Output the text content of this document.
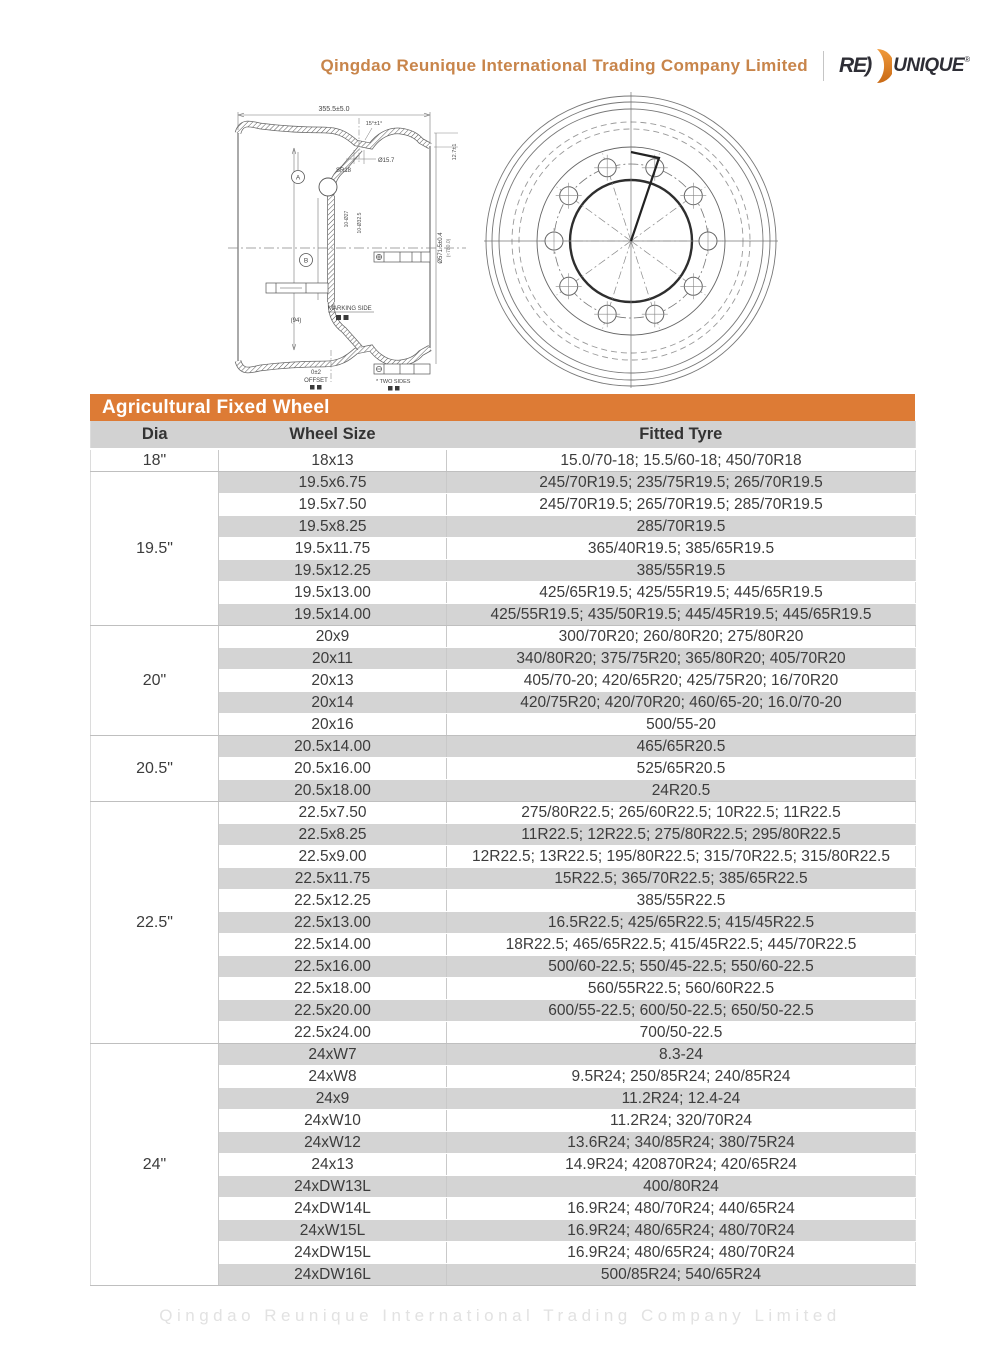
Qingdao Reunique International Trading Company Limited RE ) UNIQUE ®
355.5±5.0
12.7±1
Ø571.5±0.4 (≈780.0)
A
B
SR18
15°±1°
Ø15.7
10-Ø27 10-Ø32.5
MARKING SIDE
(94)
0±2
OFFSET	* TWO SIDES
Agricultural Fixed Wheel
Dia	Wheel Size	Fitted Tyre
18"	18x13	15.0/70-18; 15.5/60-18; 450/70R18
19.5"	19.5x6.75	245/70R19.5; 235/75R19.5; 265/70R19.5
	19.5x7.50	245/70R19.5; 265/70R19.5; 285/70R19.5
	19.5x8.25	285/70R19.5
	19.5x11.75	365/40R19.5; 385/65R19.5
	19.5x12.25	385/55R19.5
	19.5x13.00	425/65R19.5; 425/55R19.5; 445/65R19.5
	19.5x14.00	425/55R19.5; 435/50R19.5; 445/45R19.5; 445/65R19.5
20"	20x9	300/70R20; 260/80R20; 275/80R20
	20x11	340/80R20; 375/75R20; 365/80R20; 405/70R20
	20x13	405/70-20; 420/65R20; 425/75R20; 16/70R20
	20x14	420/75R20; 420/70R20; 460/65-20; 16.0/70-20
	20x16	500/55-20
20.5"	20.5x14.00	465/65R20.5
	20.5x16.00	525/65R20.5
	20.5x18.00	24R20.5
22.5"	22.5x7.50	275/80R22.5; 265/60R22.5; 10R22.5; 11R22.5
	22.5x8.25	11R22.5; 12R22.5; 275/80R22.5; 295/80R22.5
	22.5x9.00	12R22.5; 13R22.5; 195/80R22.5; 315/70R22.5; 315/80R22.5
	22.5x11.75	15R22.5; 365/70R22.5; 385/65R22.5
	22.5x12.25	385/55R22.5
	22.5x13.00	16.5R22.5; 425/65R22.5; 415/45R22.5
	22.5x14.00	18R22.5; 465/65R22.5; 415/45R22.5; 445/70R22.5
	22.5x16.00	500/60-22.5; 550/45-22.5; 550/60-22.5
	22.5x18.00	560/55R22.5; 560/60R22.5
	22.5x20.00	600/55-22.5; 600/50-22.5; 650/50-22.5
	22.5x24.00	700/50-22.5
24"	24xW7	8.3-24
	24xW8	9.5R24; 250/85R24; 240/85R24
	24x9	11.2R24; 12.4-24
	24xW10	11.2R24; 320/70R24
	24xW12	13.6R24; 340/85R24; 380/75R24
	24x13	14.9R24; 420870R24; 420/65R24
	24xDW13L	400/80R24
	24xDW14L	16.9R24; 480/70R24; 440/65R24
	24xW15L	16.9R24; 480/65R24; 480/70R24
	24xDW15L	16.9R24; 480/65R24; 480/70R24
	24xDW16L	500/85R24; 540/65R24
Qingdao Reunique International Trading Company Limited
